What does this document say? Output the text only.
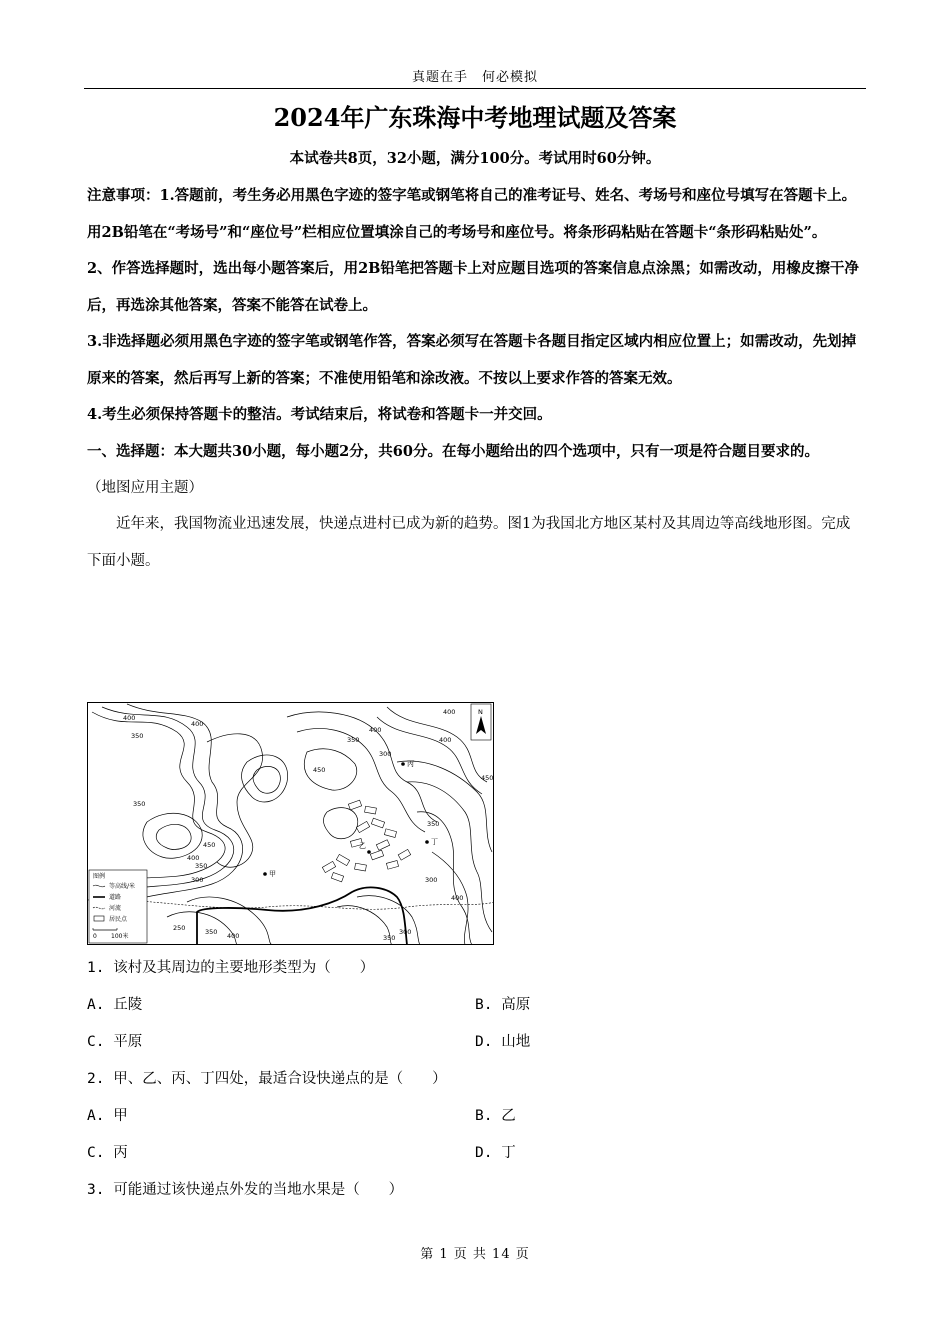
真题在手　何必模拟
2024年广东珠海中考地理试题及答案
本试卷共8页，32小题，满分100分。考试用时60分钟。

注意事项：1.答题前，考生务必用黑色字迹的签字笔或钢笔将自己的准考证号、姓名、考场号和座位号填写在答题卡上。用2B铅笔在“考场号”和“座位号”栏相应位置填涂自己的考场号和座位号。将条形码粘贴在答题卡“条形码粘贴处”。

2、作答选择题时，选出每小题答案后，用2B铅笔把答题卡上对应题目选项的答案信息点涂黑；如需改动，用橡皮擦干净后，再选涂其他答案，答案不能答在试卷上。

3.非选择题必须用黑色字迹的签字笔或钢笔作答，答案必须写在答题卡各题目指定区域内相应位置上；如需改动，先划掉原来的答案，然后再写上新的答案；不准使用铅笔和涂改液。不按以上要求作答的答案无效。

4.考生必须保持答题卡的整洁。考试结束后，将试卷和答题卡一并交回。

一、选择题：本大题共30小题，每小题2分，共60分。在每小题给出的四个选项中，只有一项是符合题目要求的。

（地图应用主题）

近年来，我国物流业迅速发展，快递点进村已成为新的趋势。图1为我国北方地区某村及其周边等高线地形图。完成下面小题。

甲
乙
丙
丁
400
350
400
350
450
400
350
300
450
350
400
300
400
400
450
350
300
400
250	350 400	350
300
N
图例
等高线/米
道路
河流
居民点
0 100米

1. 该村及其周边的主要地形类型为（　　）

A. 丘陵	B. 高原
C. 平原	D. 山地

2. 甲、乙、丙、丁四处，最适合设快递点的是（　　）

A. 甲	B. 乙
C. 丙	D. 丁

3. 可能通过该快递点外发的当地水果是（　　）

第 1 页 共 14 页
